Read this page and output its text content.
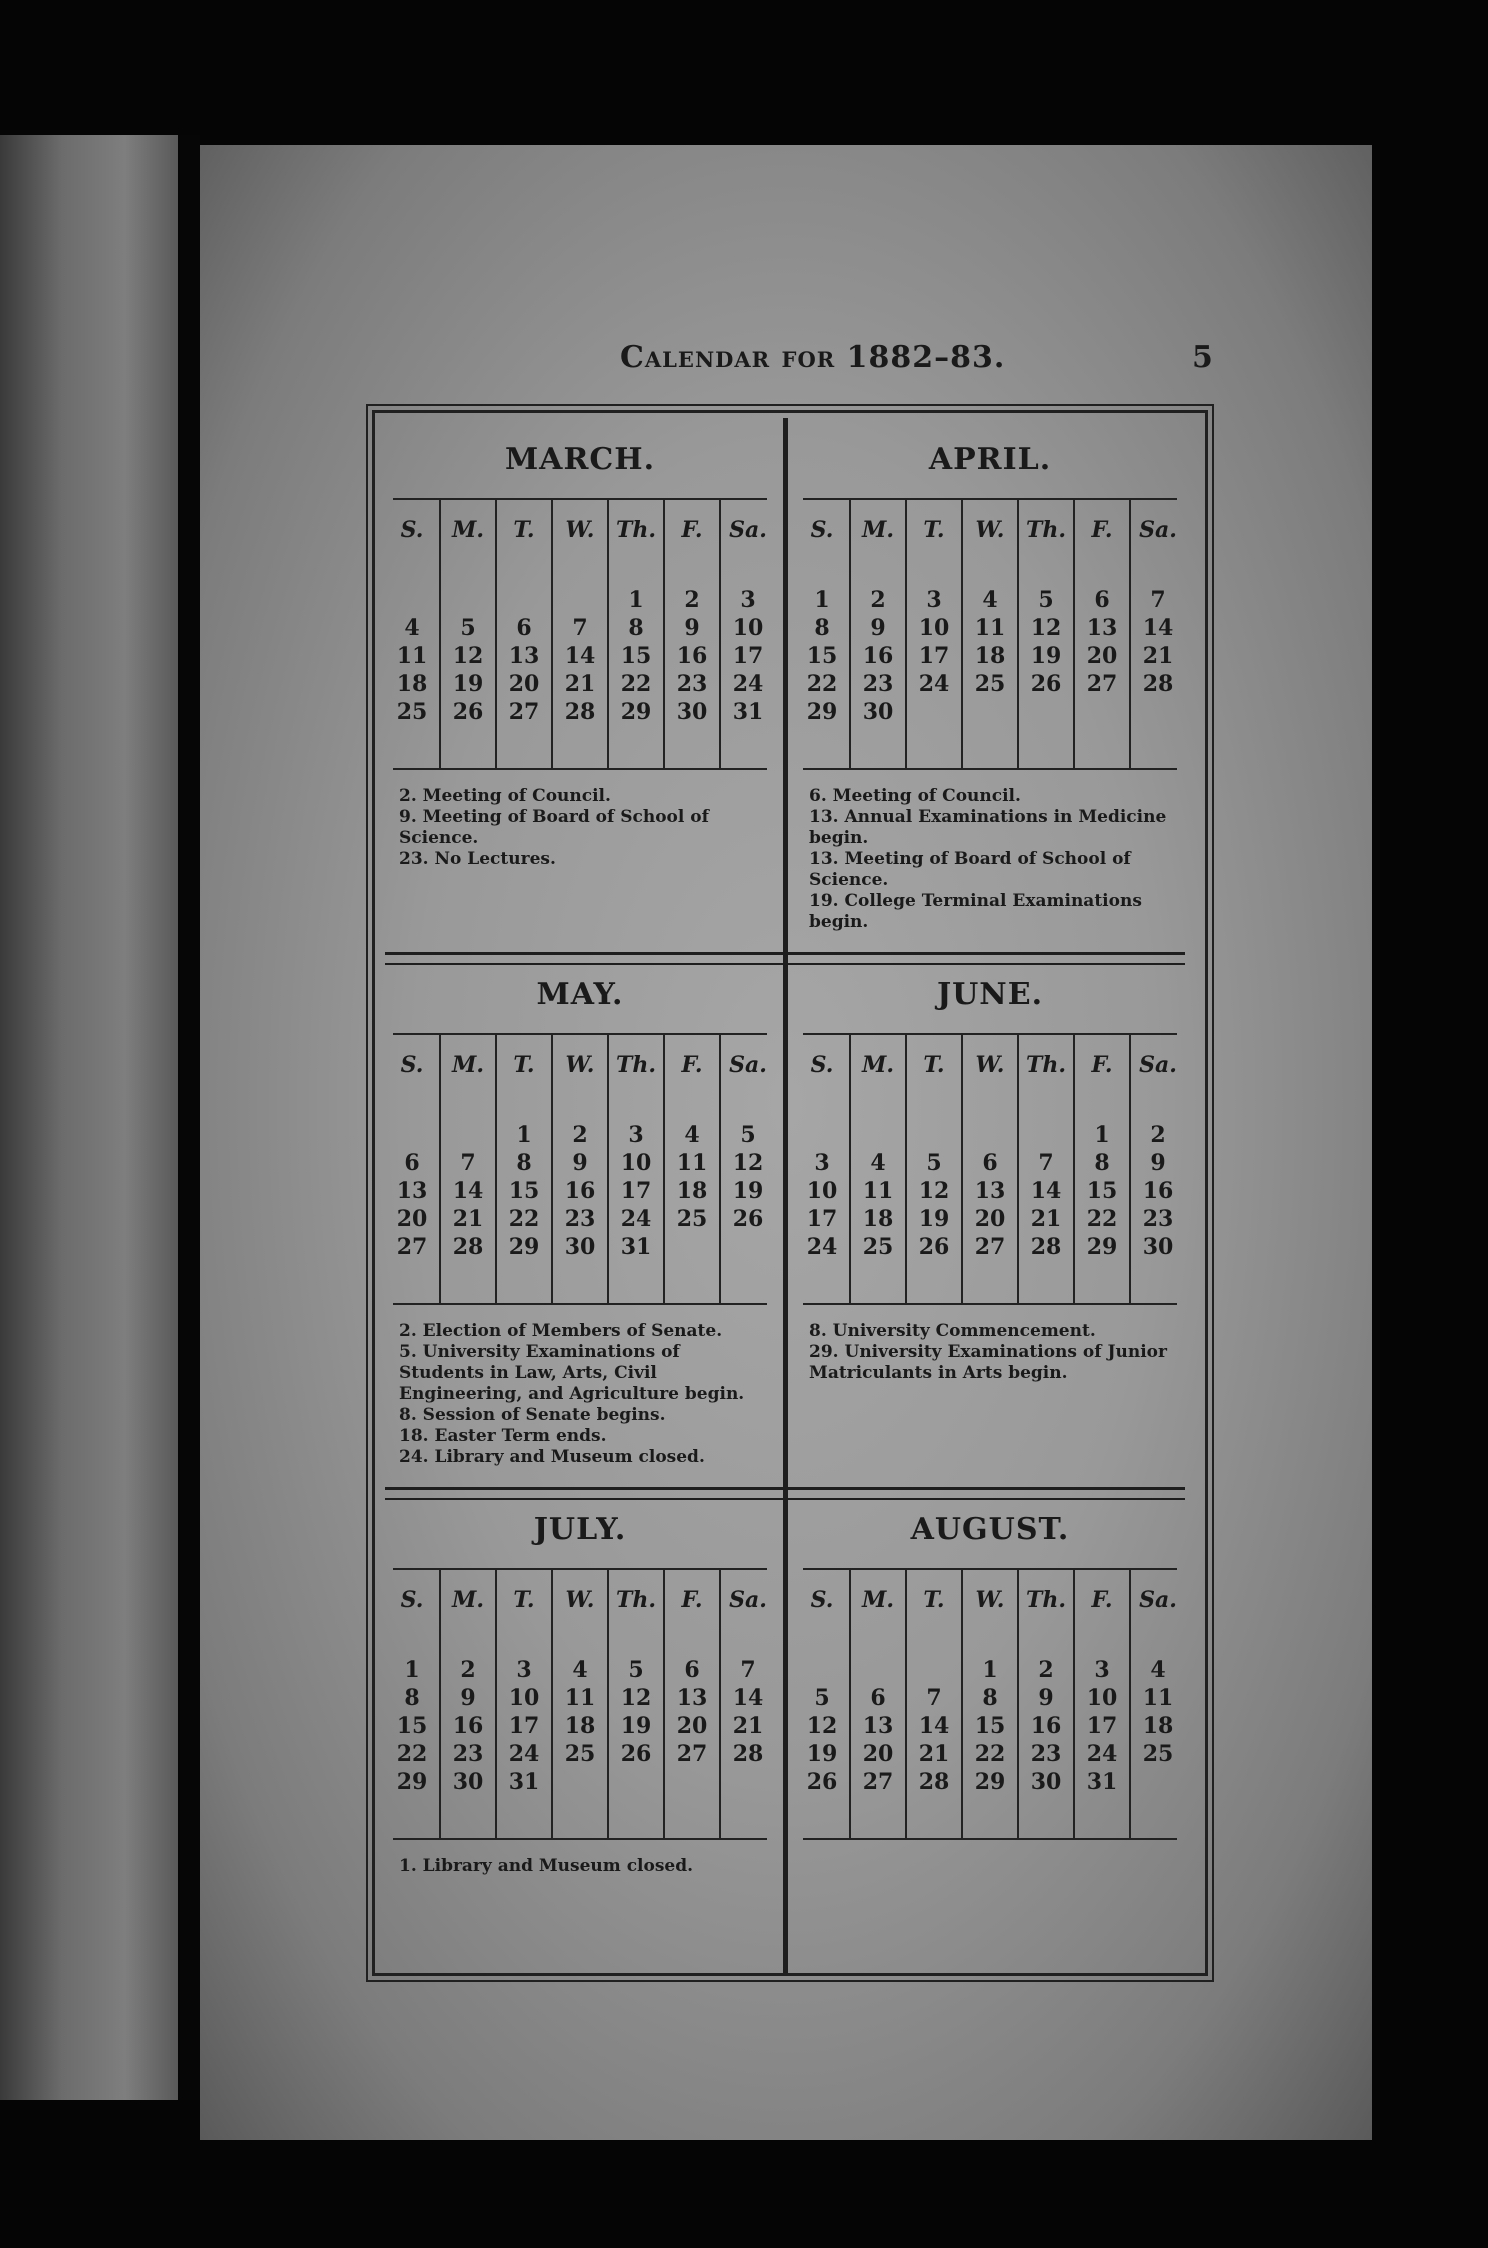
Calendar for 1882–83.	5
MARCH.
S.
4
11
18
25
M.
5
12
19
26
T.
6
13
20
27
W.
7
14
21
28
Th.
1
8
15
22
29
F.
2
9
16
23
30
Sa.
3
10
17
24
31
2. Meeting of Council.
9. Meeting of Board of School of Science.
23. No Lectures.
APRIL.
S.
1
8
15
22
29
M.
2
9
16
23
30
T.
3
10
17
24
W.
4
11
18
25
Th.
5
12
19
26
F.
6
13
20
27
Sa.
7
14
21
28
6. Meeting of Council.
13. Annual Examinations in Medicine begin.
13. Meeting of Board of School of Science.
19. College Terminal Examinations begin.
MAY.
S.
6
13
20
27
M.
7
14
21
28
T.
1
8
15
22
29
W.
2
9
16
23
30
Th.
3
10
17
24
31
F.
4
11
18
25
Sa.
5
12
19
26
2. Election of Members of Senate.
5. University Examinations of Students in Law, Arts, Civil Engineering, and Agriculture begin.
8. Session of Senate begins.
18. Easter Term ends.
24. Library and Museum closed.
JUNE.
S.
3
10
17
24
M.
4
11
18
25
T.
5
12
19
26
W.
6
13
20
27
Th.
7
14
21
28
F.
1
8
15
22
29
Sa.
2
9
16
23
30
8. University Commencement.
29. University Examinations of Junior Matriculants in Arts begin.
JULY.
S.
1
8
15
22
29
M.
2
9
16
23
30
T.
3
10
17
24
31
W.
4
11
18
25
Th.
5
12
19
26
F.
6
13
20
27
Sa.
7
14
21
28
1. Library and Museum closed.
AUGUST.
S.
5
12
19
26
M.
6
13
20
27
T.
7
14
21
28
W.
1
8
15
22
29
Th.
2
9
16
23
30
F.
3
10
17
24
31
Sa.
4
11
18
25
